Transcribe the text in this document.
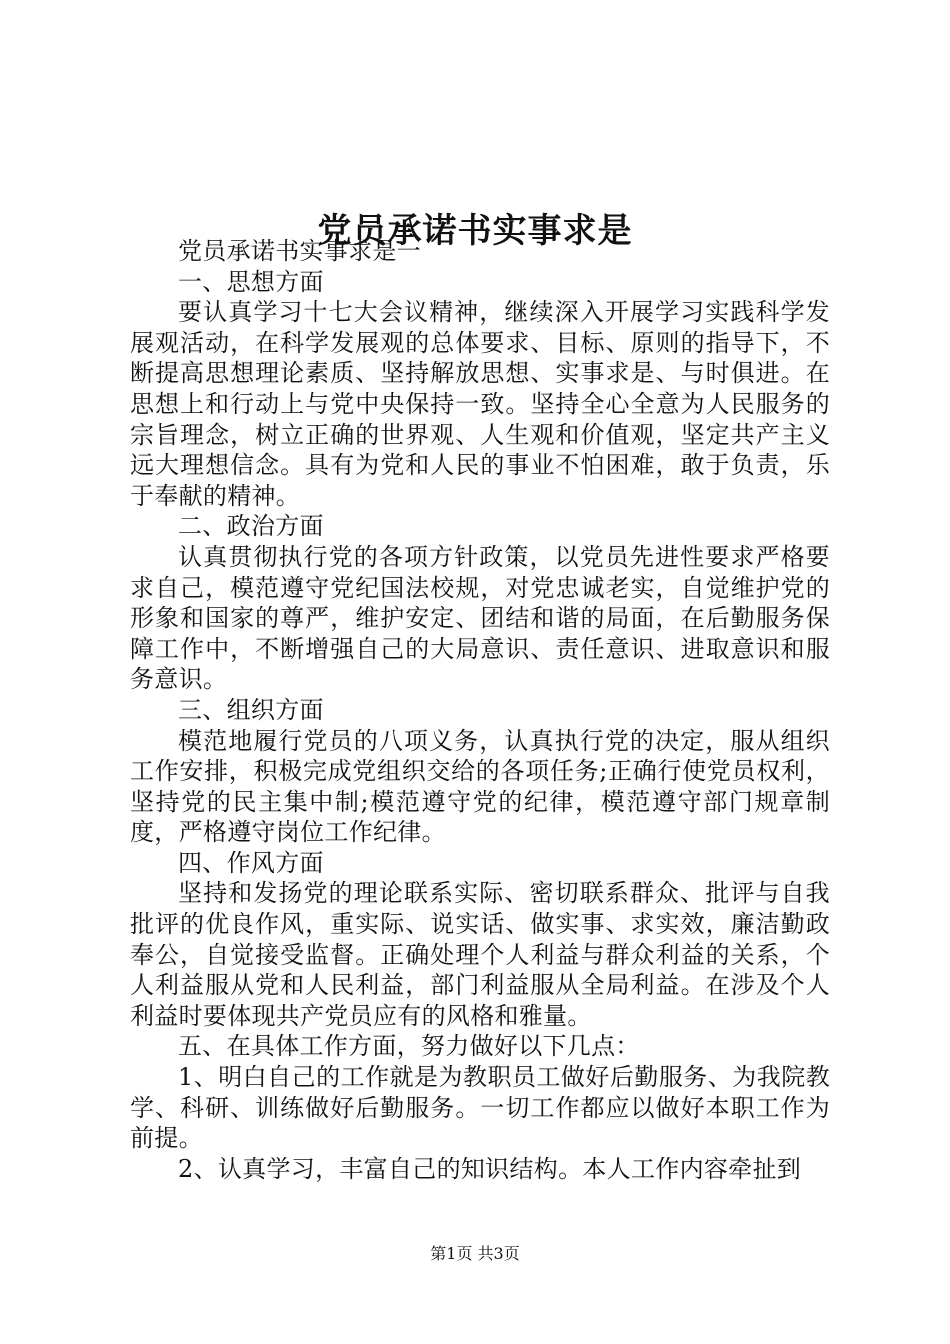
党员承诺书实事求是

党员承诺书实事求是一

一、思想方面

要认真学习十七大会议精神，继续深入开展学习实践科学发展观活动，在科学发展观的总体要求、目标、原则的指导下，不断提高思想理论素质、坚持解放思想、实事求是、与时俱进。在思想上和行动上与党中央保持一致。坚持全心全意为人民服务的宗旨理念，树立正确的世界观、人生观和价值观，坚定共产主义远大理想信念。具有为党和人民的事业不怕困难，敢于负责，乐于奉献的精神。

二、政治方面

认真贯彻执行党的各项方针政策，以党员先进性要求严格要求自己，模范遵守党纪国法校规，对党忠诚老实，自觉维护党的形象和国家的尊严，维护安定、团结和谐的局面，在后勤服务保障工作中，不断增强自己的大局意识、责任意识、进取意识和服务意识。

三、组织方面

模范地履行党员的八项义务，认真执行党的决定，服从组织工作安排，积极完成党组织交给的各项任务;正确行使党员权利，坚持党的民主集中制;模范遵守党的纪律，模范遵守部门规章制度，严格遵守岗位工作纪律。

四、作风方面

坚持和发扬党的理论联系实际、密切联系群众、批评与自我批评的优良作风，重实际、说实话、做实事、求实效，廉洁勤政奉公，自觉接受监督。正确处理个人利益与群众利益的关系，个人利益服从党和人民利益，部门利益服从全局利益。在涉及个人利益时要体现共产党员应有的风格和雅量。

五、在具体工作方面，努力做好以下几点：

1、明白自己的工作就是为教职员工做好后勤服务、为我院教学、科研、训练做好后勤服务。一切工作都应以做好本职工作为前提。

2、认真学习，丰富自己的知识结构。本人工作内容牵扯到

第1页 共3页
